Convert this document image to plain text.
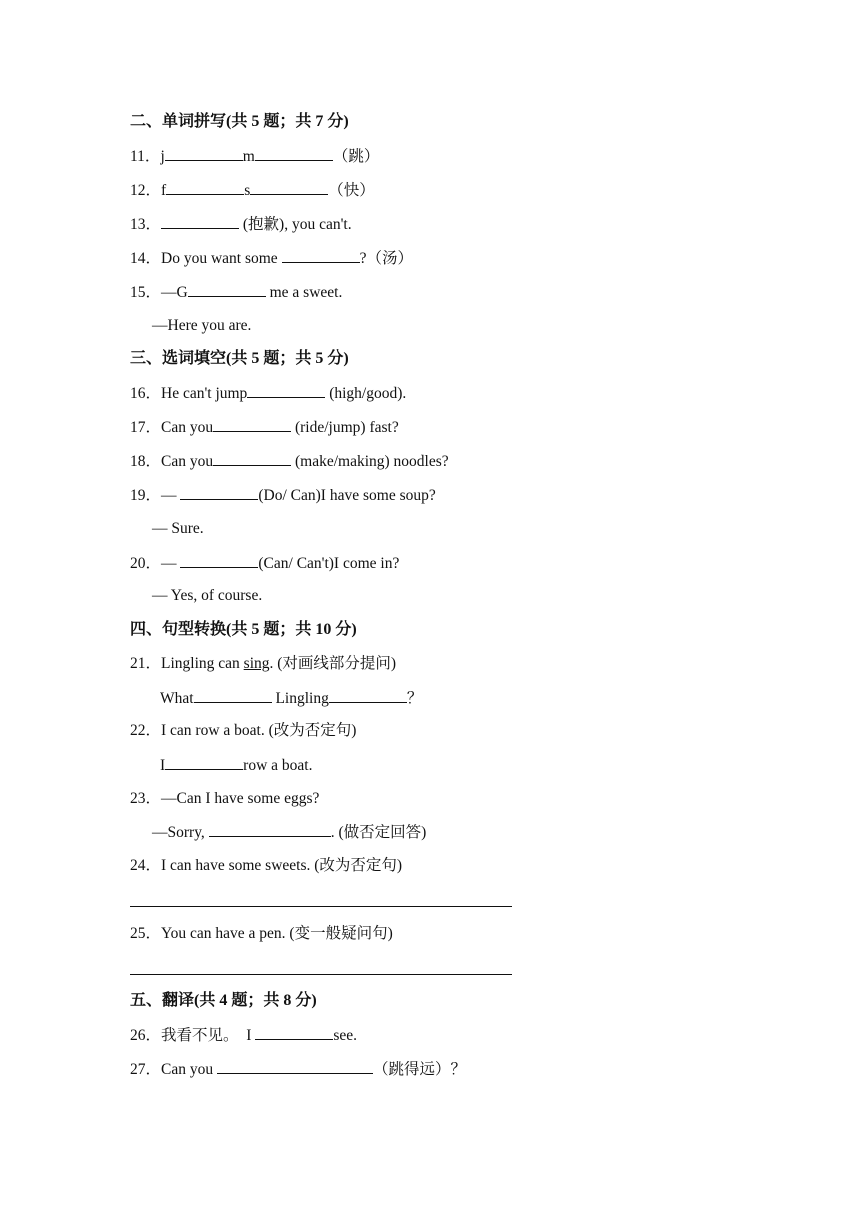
二、单词拼写(共 5 题；共 7 分)
11．j	m	（跳）
12．f	s	（快）
13．	(抱歉), you can't.
14．Do you want some	?（汤）
15．—G	me a sweet.
—Here you are.
三、选词填空(共 5 题；共 5 分)
16．He can't jump	(high/good).
17．Can you	(ride/jump) fast?
18．Can you	(make/making) noodles?
19．—	(Do/ Can)I have some soup?
— Sure.
20．—	(Can/ Can't)I come in?
— Yes, of course.
四、句型转换(共 5 题；共 10 分)
21．Lingling can sing. (对画线部分提问)
What	Lingling	？
22．I can row a boat. (改为否定句)
I	row a boat.
23．—Can I have some eggs?
—Sorry,	. (做否定回答)
24．I can have some sweets. (改为否定句)
25．You can have a pen. (变一般疑问句)
五、翻译(共 4 题；共 8 分)
26．我看不见。  I	see.
27．Can you	（跳得远）？
